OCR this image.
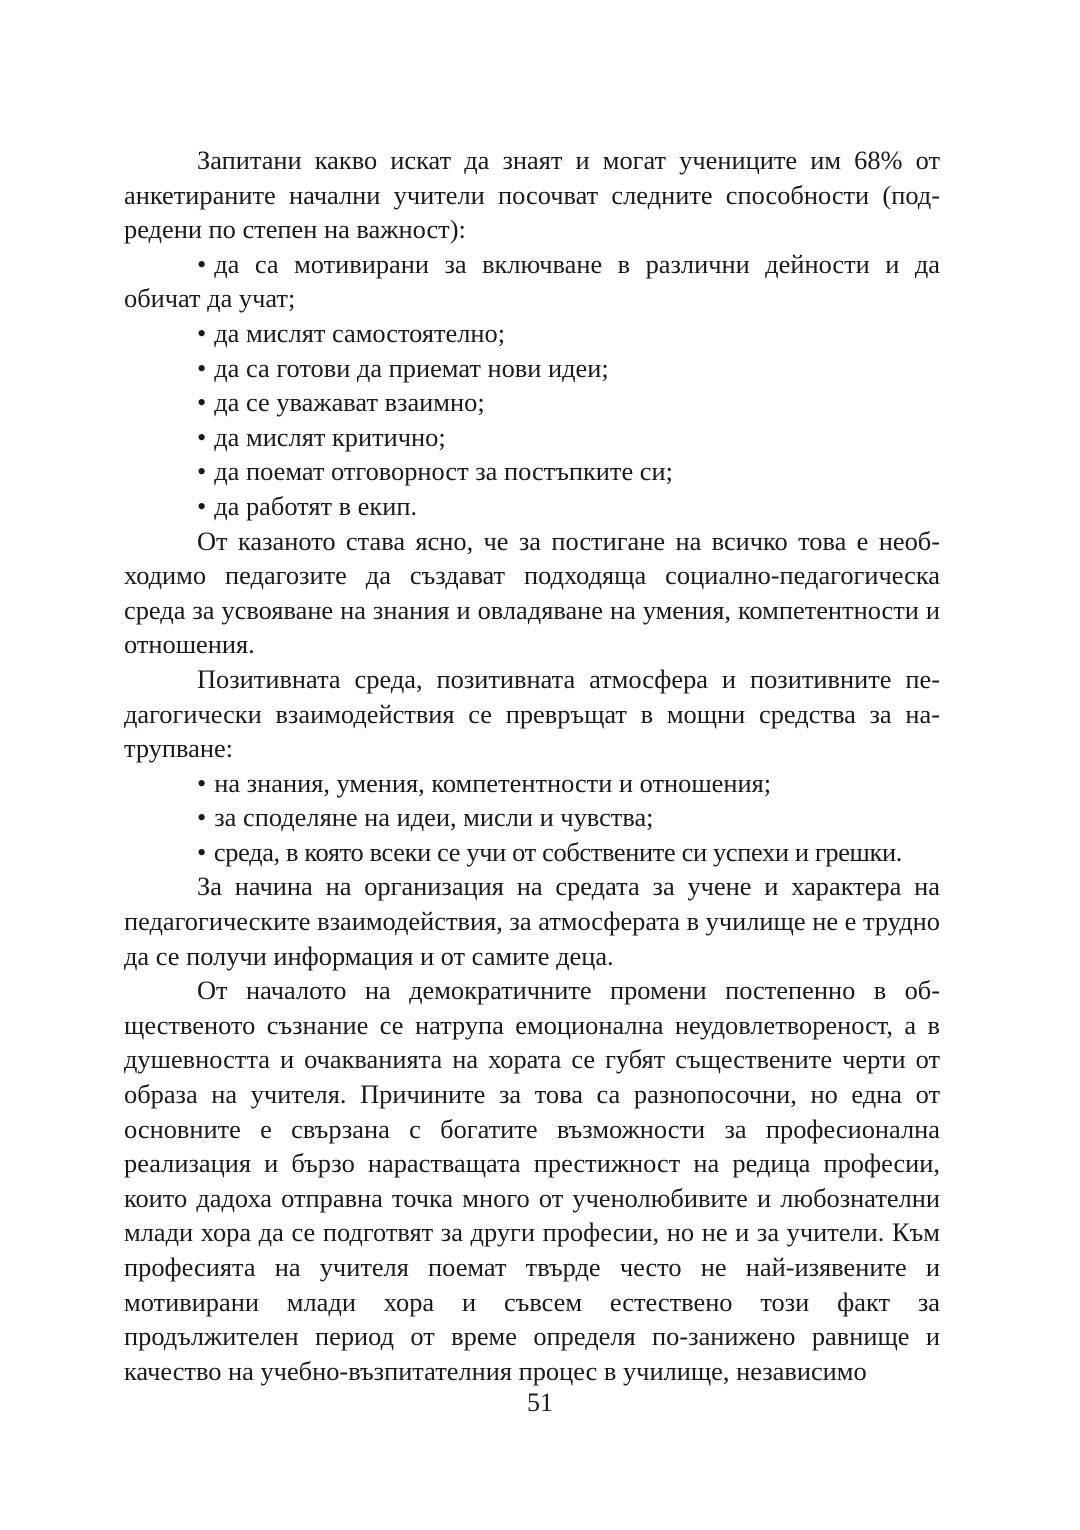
Запитани какво искат да знаят и могат учениците им 68% от анкетираните начални учители посочват следните способности (подредени по степен на важност):

• да са мотивирани за включване в различни дейности и да обичат да учат;
• да мислят самостоятелно;
• да са готови да приемат нови идеи;
• да се уважават взаимно;
• да мислят критично;
• да поемат отговорност за постъпките си;
• да работят в екип.

От казаното става ясно, че за постигане на всичко това е необходимо педагозите да създават подходяща социално-педагогическа среда за усвояване на знания и овладяване на умения, компетентности и отношения.

Позитивната среда, позитивната атмосфера и позитивните педагогически взаимодействия се превръщат в мощни средства за натрупване:

• на знания, умения, компетентности и отношения;
• за споделяне на идеи, мисли и чувства;
• среда, в която всеки се учи от собствените си успехи и грешки.

За начина на организация на средата за учене и характера на педагогическите взаимодействия, за атмосферата в училище не е трудно да се получи информация и от самите деца.

От началото на демократичните промени постепенно в общественото съзнание се натрупа емоционална неудовлетвореност, а в душевността и очакванията на хората се губят съществените черти от образа на учителя. Причините за това са разнопосочни, но една от основните е свързана с богатите възможности за професионална реализация и бързо нарастващата престижност на редица професии, които дадоха отправна точка много от ученолюбивите и любознателни млади хора да се подготвят за други професии, но не и за учители. Към професията на учителя поемат твърде често не най-изявените и мотивирани млади хора и съвсем естествено този факт за продължителен период от време определя по-занижено равнище и качество на учебно-възпитателния процес в училище, независимо

51
